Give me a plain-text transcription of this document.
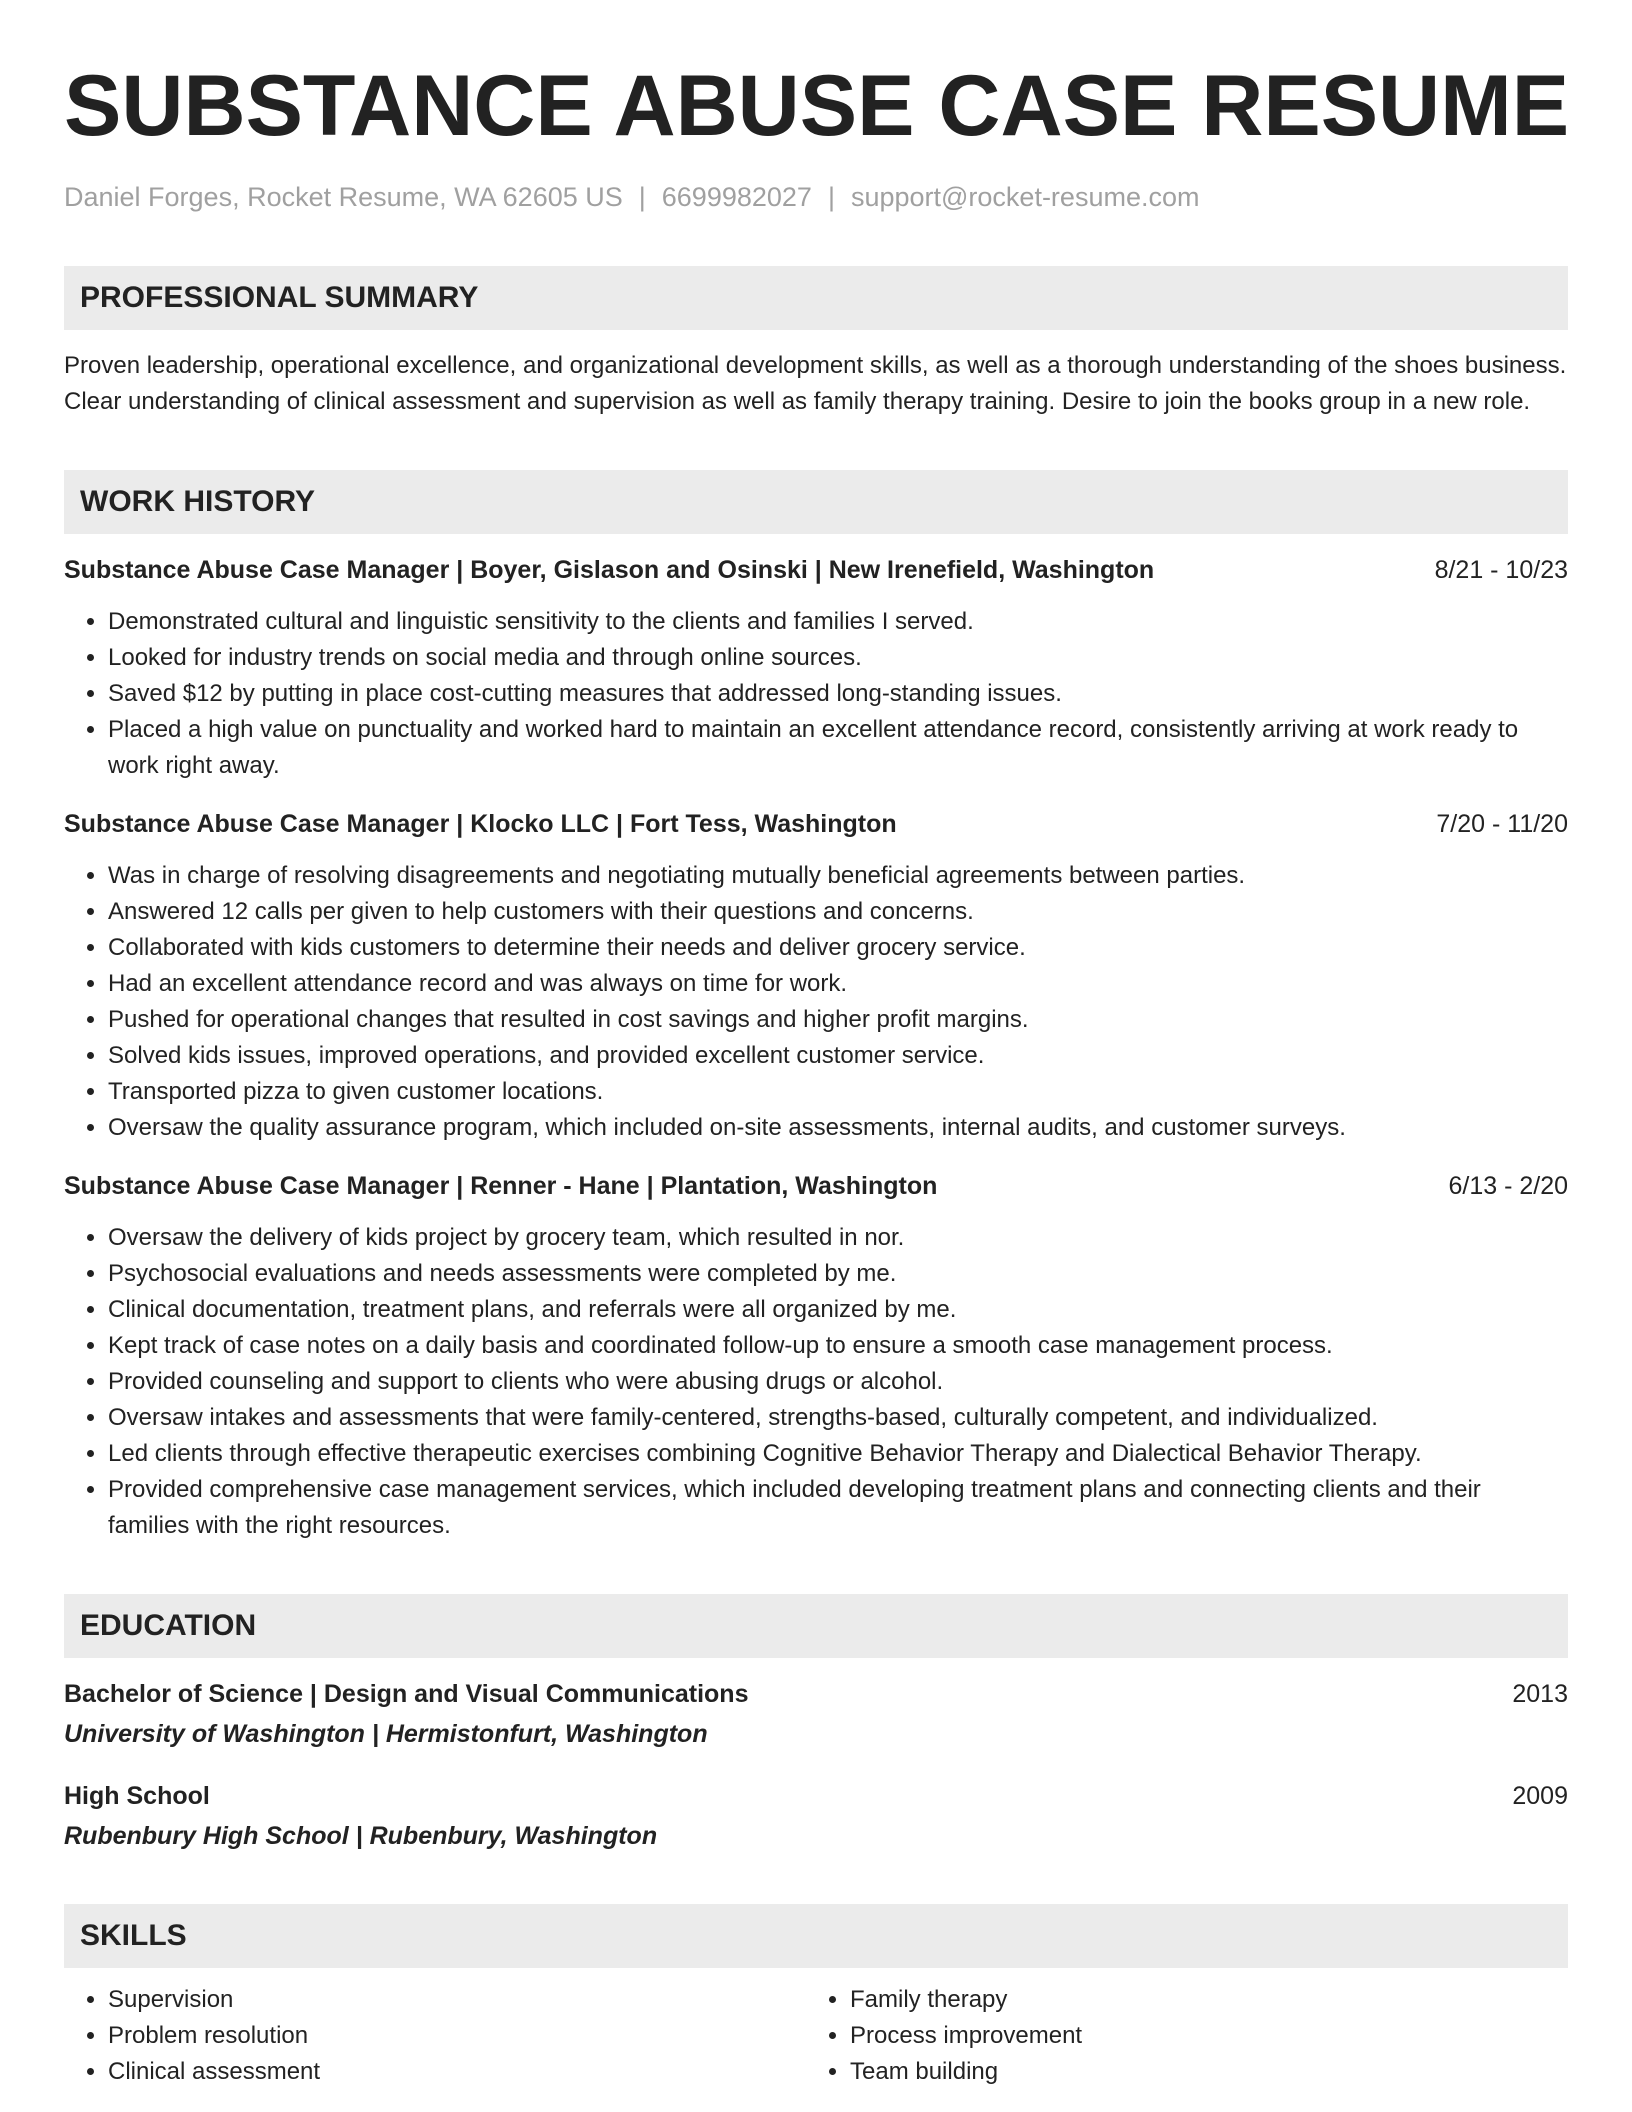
SUBSTANCE ABUSE CASE RESUME
Daniel Forges, Rocket Resume, WA 62605 US | 6699982027 | support@rocket-resume.com
PROFESSIONAL SUMMARY
Proven leadership, operational excellence, and organizational development skills, as well as a thorough understanding of the shoes business. Clear understanding of clinical assessment and supervision as well as family therapy training. Desire to join the books group in a new role.
WORK HISTORY
Substance Abuse Case Manager | Boyer, Gislason and Osinski | New Irenefield, Washington	8/21 - 10/23
• Demonstrated cultural and linguistic sensitivity to the clients and families I served.
• Looked for industry trends on social media and through online sources.
• Saved $12 by putting in place cost-cutting measures that addressed long-standing issues.
• Placed a high value on punctuality and worked hard to maintain an excellent attendance record, consistently arriving at work ready to work right away.
Substance Abuse Case Manager | Klocko LLC | Fort Tess, Washington	7/20 - 11/20
• Was in charge of resolving disagreements and negotiating mutually beneficial agreements between parties.
• Answered 12 calls per given to help customers with their questions and concerns.
• Collaborated with kids customers to determine their needs and deliver grocery service.
• Had an excellent attendance record and was always on time for work.
• Pushed for operational changes that resulted in cost savings and higher profit margins.
• Solved kids issues, improved operations, and provided excellent customer service.
• Transported pizza to given customer locations.
• Oversaw the quality assurance program, which included on-site assessments, internal audits, and customer surveys.
Substance Abuse Case Manager | Renner - Hane | Plantation, Washington	6/13 - 2/20
• Oversaw the delivery of kids project by grocery team, which resulted in nor.
• Psychosocial evaluations and needs assessments were completed by me.
• Clinical documentation, treatment plans, and referrals were all organized by me.
• Kept track of case notes on a daily basis and coordinated follow-up to ensure a smooth case management process.
• Provided counseling and support to clients who were abusing drugs or alcohol.
• Oversaw intakes and assessments that were family-centered, strengths-based, culturally competent, and individualized.
• Led clients through effective therapeutic exercises combining Cognitive Behavior Therapy and Dialectical Behavior Therapy.
• Provided comprehensive case management services, which included developing treatment plans and connecting clients and their families with the right resources.
EDUCATION
Bachelor of Science | Design and Visual Communications	2013
University of Washington | Hermistonfurt, Washington
High School	2009
Rubenbury High School | Rubenbury, Washington
SKILLS
• Supervision
• Problem resolution
• Clinical assessment
• Family therapy
• Process improvement
• Team building
